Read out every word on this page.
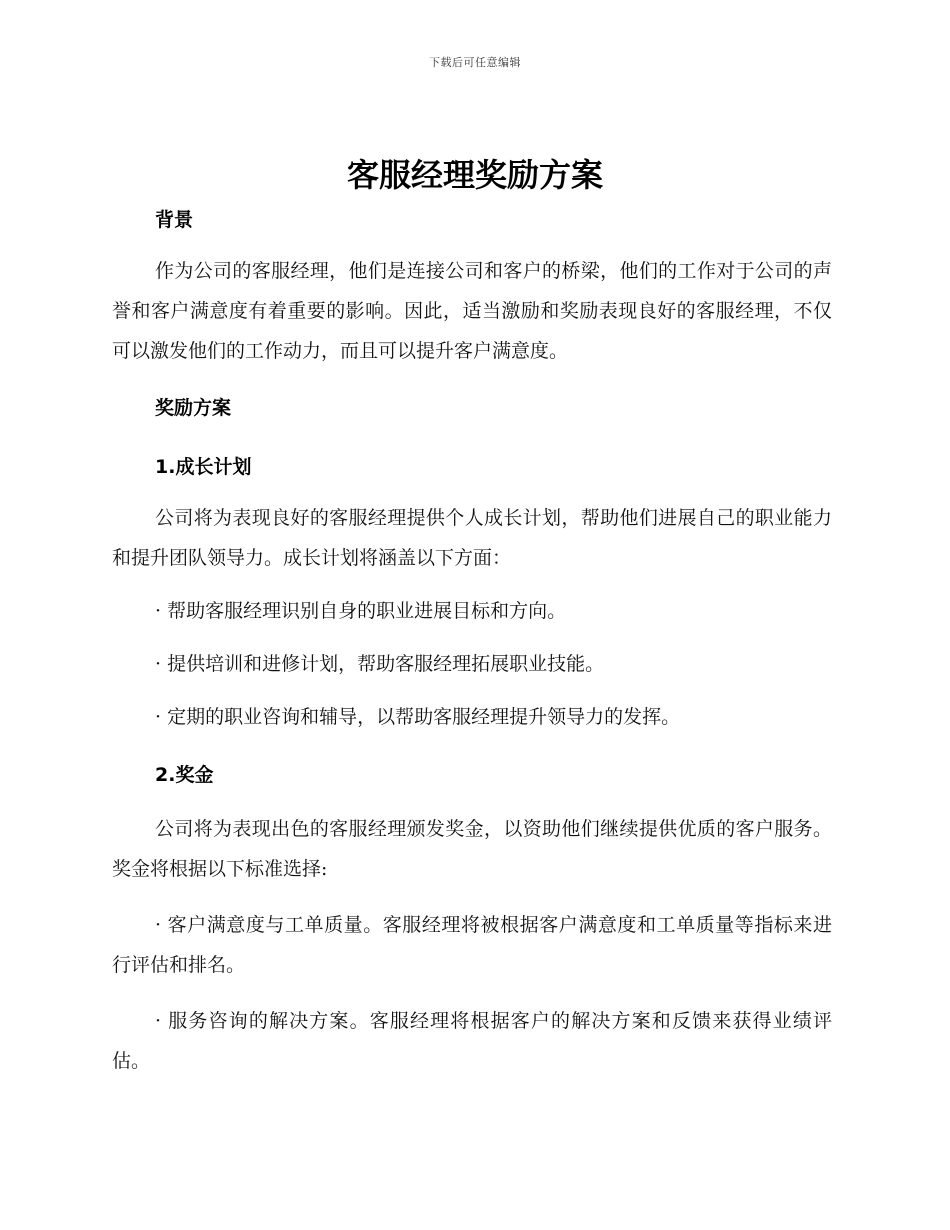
下载后可任意编辑
客服经理奖励方案

背景

作为公司的客服经理，他们是连接公司和客户的桥梁，他们的工作对于公司的声誉和客户满意度有着重要的影响。因此，适当激励和奖励表现良好的客服经理，不仅可以激发他们的工作动力，而且可以提升客户满意度。

奖励方案

1.成长计划

公司将为表现良好的客服经理提供个人成长计划，帮助他们进展自己的职业能力和提升团队领导力。成长计划将涵盖以下方面：

· 帮助客服经理识别自身的职业进展目标和方向。

· 提供培训和进修计划，帮助客服经理拓展职业技能。

· 定期的职业咨询和辅导，以帮助客服经理提升领导力的发挥。

2.奖金

公司将为表现出色的客服经理颁发奖金，以资助他们继续提供优质的客户服务。奖金将根据以下标准选择:

· 客户满意度与工单质量。客服经理将被根据客户满意度和工单质量等指标来进行评估和排名。

· 服务咨询的解决方案。客服经理将根据客户的解决方案和反馈来获得业绩评估。
